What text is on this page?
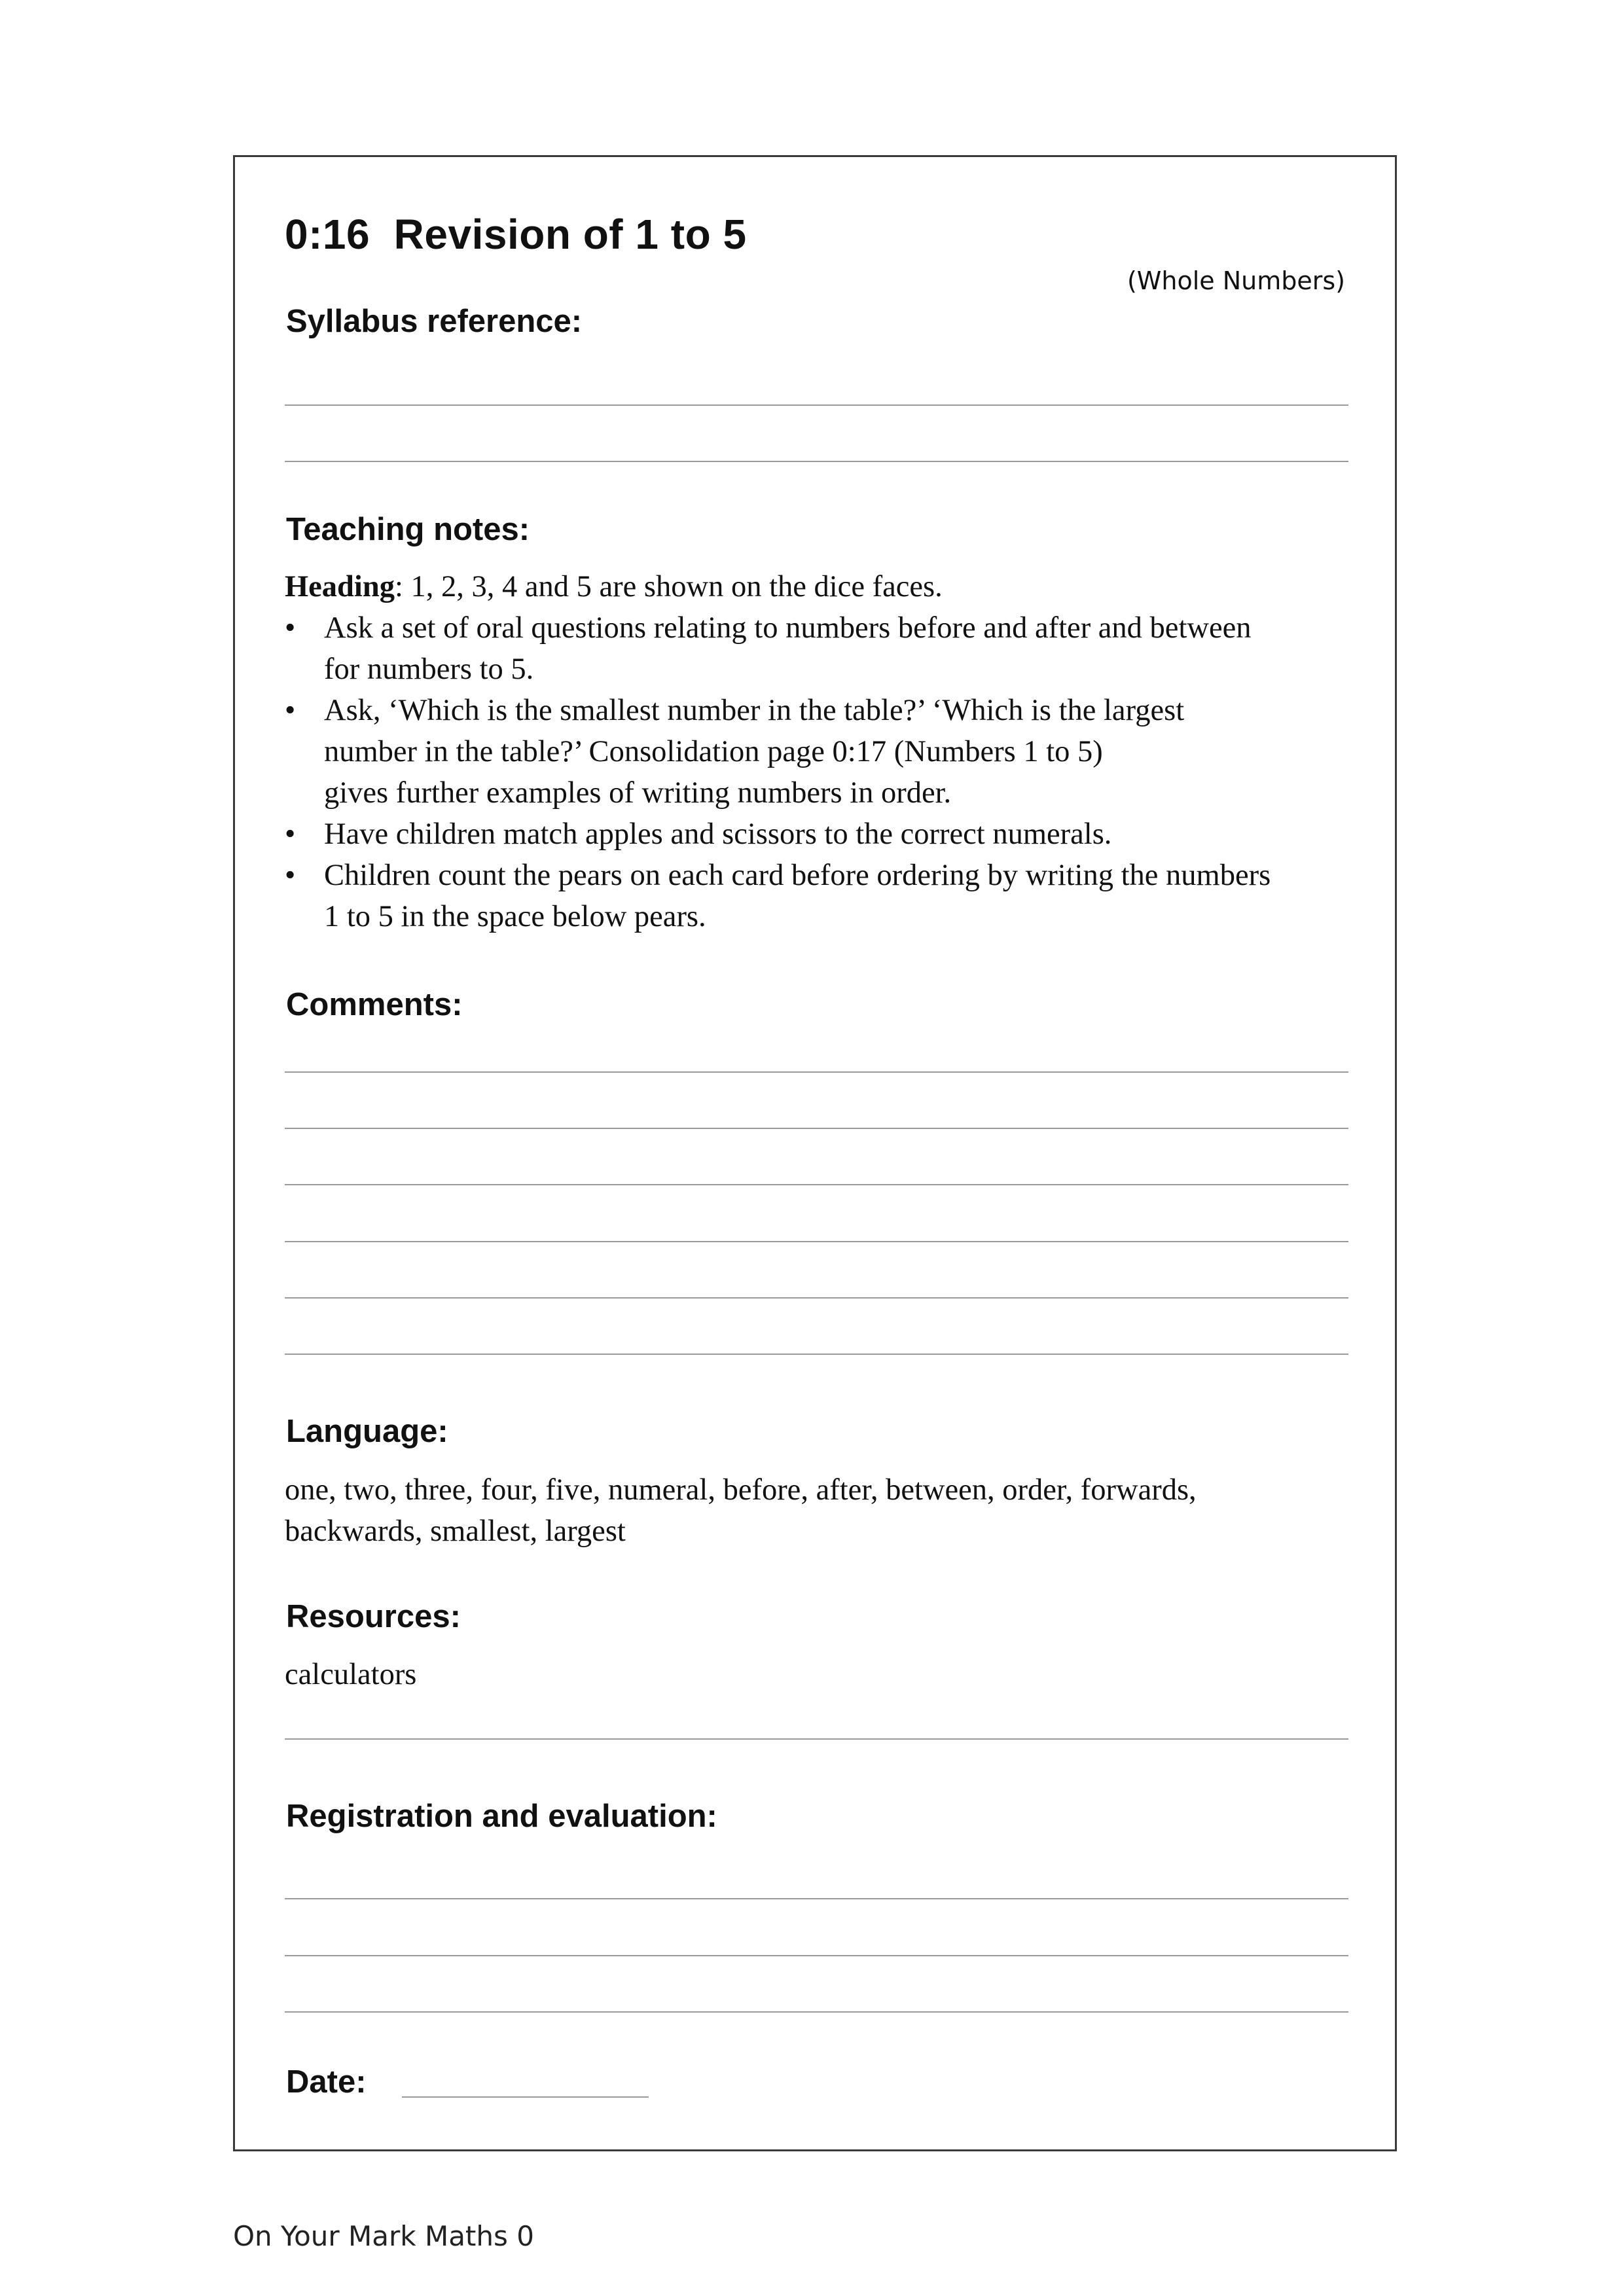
0:16  Revision of 1 to 5
(Whole Numbers)
Syllabus reference:
Teaching notes:

Heading: 1, 2, 3, 4 and 5 are shown on the dice faces.

• Ask a set of oral questions relating to numbers before and after and between
for numbers to 5.
• Ask, ‘Which is the smallest number in the table?’ ‘Which is the largest
number in the table?’ Consolidation page 0:17 (Numbers 1 to 5)
gives further examples of writing numbers in order.
• Have children match apples and scissors to the correct numerals.
• Children count the pears on each card before ordering by writing the numbers
1 to 5 in the space below pears.
Comments:
Language:
one, two, three, four, five, numeral, before, after, between, order, forwards,
backwards, smallest, largest
Resources:
calculators
Registration and evaluation:
Date:
On Your Mark Maths 0
